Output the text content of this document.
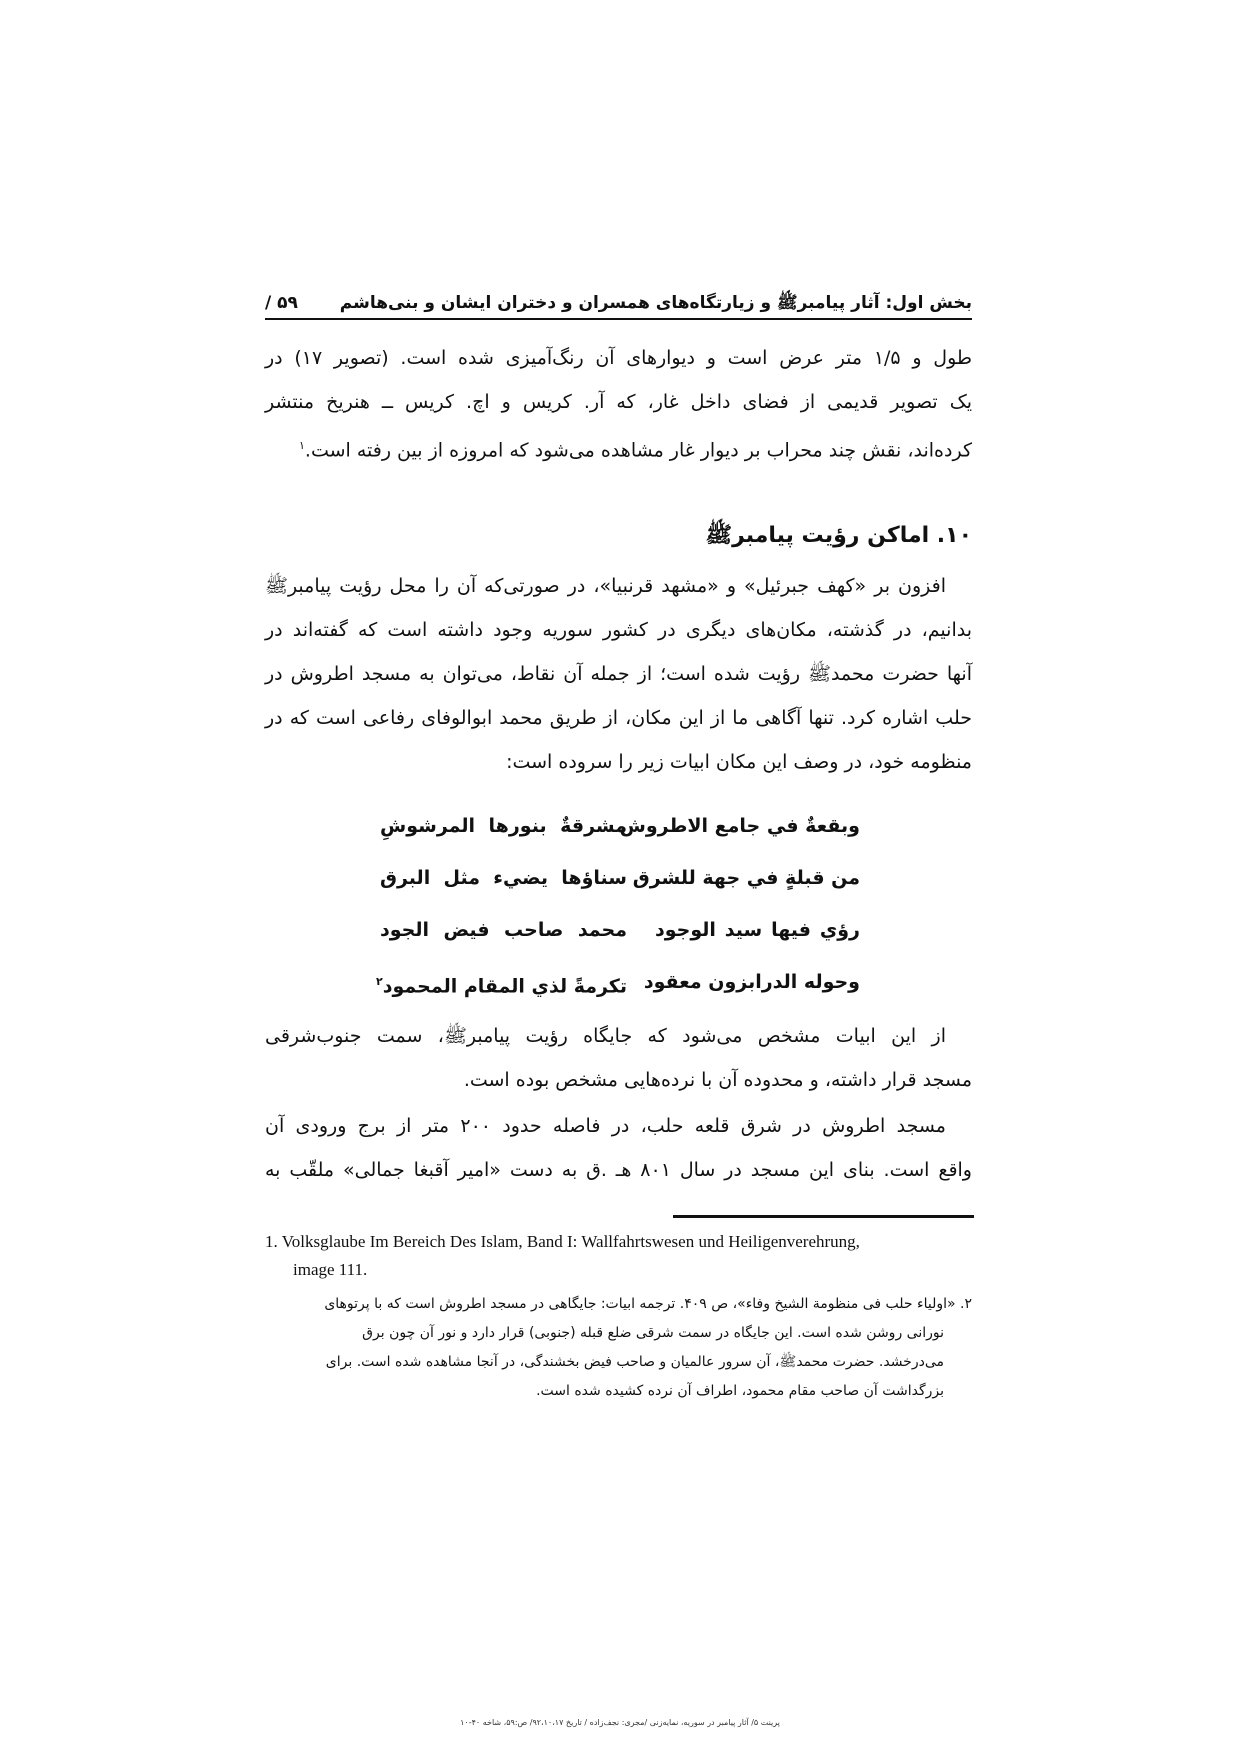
بخش اول: آثار پیامبرﷺ و زیارتگاه‌های همسران و دختران ایشان و بنی‌هاشم
۵۹ /

طول و ۱/۵ متر عرض است و دیوارهای آن رنگ‌آمیزی شده است. (تصویر ۱۷) در

یک تصویر قدیمی از فضای داخل غار، که آر. کریس و اچ. کریس ــ هنریخ منتشر

کرده‌اند، نقش چند محراب بر دیوار غار مشاهده می‌شود که امروزه از بین رفته است.$^۱$

۱۰. اماکن رؤیت پیامبرﷺ

افزون بر «کهف جبرئیل» و «مشهد قرنبیا»، در صورتی‌که آن را محل رؤیت پیامبرﷺ

بدانیم، در گذشته، مکان‌های دیگری در کشور سوریه وجود داشته است که گفته‌اند در

آنها حضرت محمدﷺ رؤیت شده است؛ از جمله آن نقاط، می‌توان به مسجد اطروش در

حلب اشاره کرد. تنها آگاهی ما از این مکان، از طریق محمد ابوالوفای رفاعی است که در

منظومه خود، در وصف این مکان ابیات زیر را سروده است:

وبقعةٌ في جامع الاطروش
مشرقةٌ بنورها المرشوشِ
من قبلةٍ في جهة للشرق
سناؤها يضيء مثل البرق
رؤي فيها سيد الوجود
محمد صاحب فيض الجود
وحوله الدرابزون معقود
تكرمةً لذي المقام المحمود$^۲$

از این ابیات مشخص می‌شود که جایگاه رؤیت پیامبرﷺ، سمت جنوب‌شرقی

مسجد قرار داشته، و محدوده آن با نرده‌هایی مشخص بوده است.

مسجد اطروش در شرق قلعه حلب، در فاصله حدود ۲۰۰ متر از برج ورودی آن

واقع است. بنای این مسجد در سال ۸۰۱ هـ .ق به دست «امیر آقبغا جمالی» ملقّب به

1. Volksglaube Im Bereich Des Islam, Band I: Wallfahrtswesen und Heiligenverehrung,
image 111.

۲. «اولیاء حلب فی منظومة الشیخ وفاء»، ص ۴۰۹. ترجمه ابیات: جایگاهی در مسجد اطروش است که با پرتوهای
نورانی روشن شده است. این جایگاه در سمت شرقی ضلع قبله (جنوبی) قرار دارد و نور آن چون برق
می‌درخشد. حضرت محمدﷺ، آن سرور عالمیان و صاحب فیض بخشندگی، در آنجا مشاهده شده است. برای
بزرگداشت آن صاحب مقام محمود، اطراف آن نرده کشیده شده است.
پرینت ۵/ آثار پیامبر در سوریه، نمایه‌زنی /مجری: نجف‌زاده / تاریخ ۹۲،۱۰،۱۷/ ص:۵۹، شاخه ۴۰-۱۰
